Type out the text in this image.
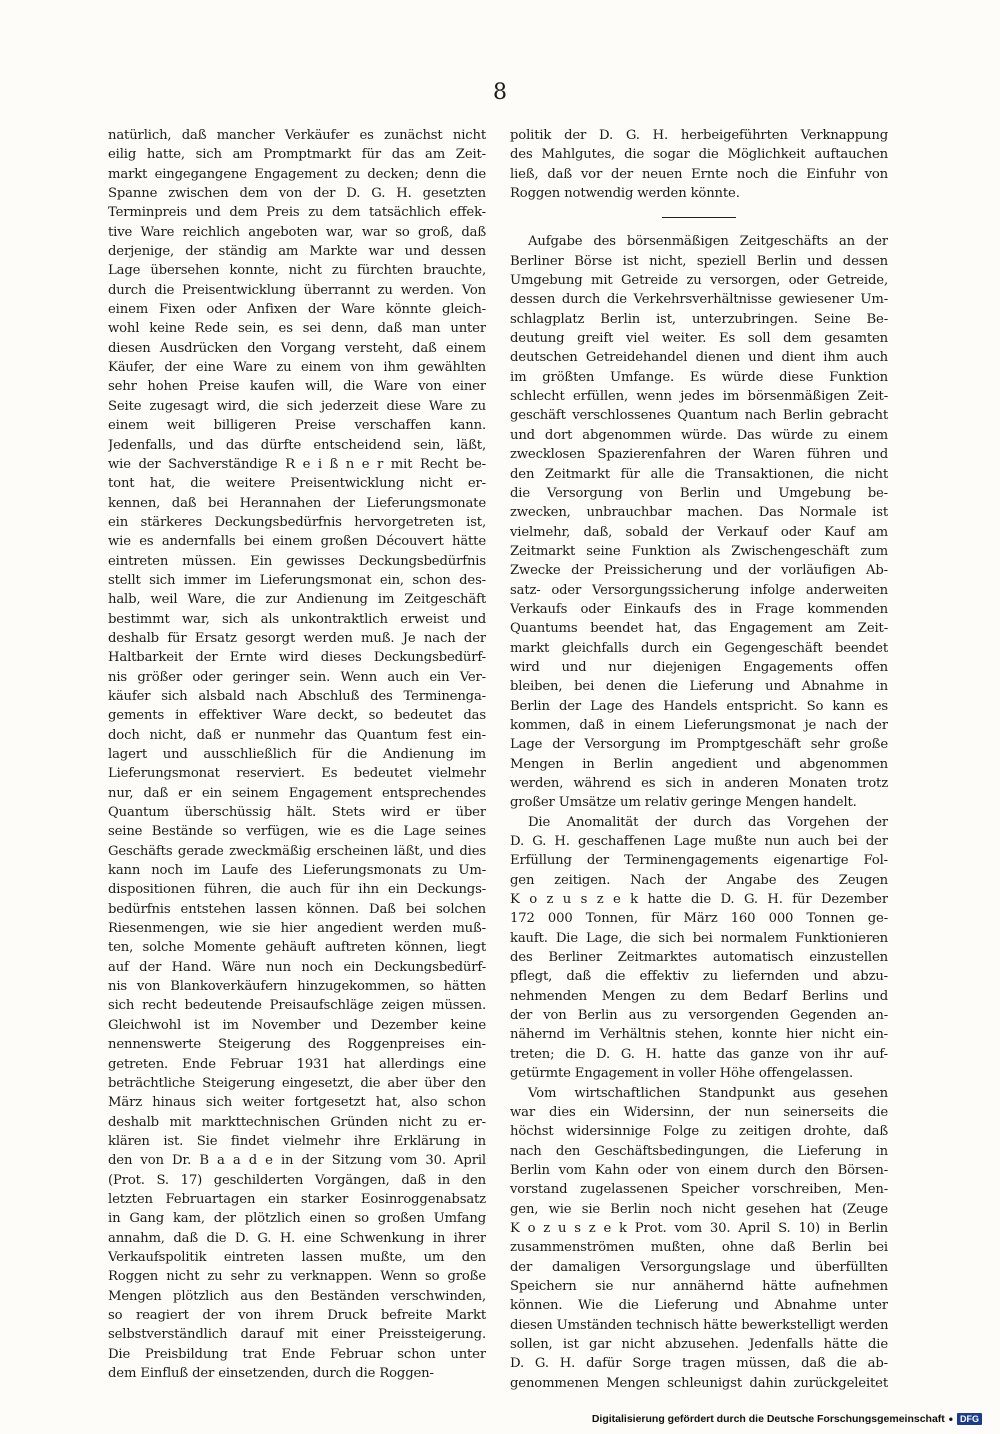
8
natürlich, daß mancher Verkäufer es zunächst nicht
eilig hatte, sich am Promptmarkt für das am Zeit-
markt eingegangene Engagement zu decken; denn die
Spanne zwischen dem von der D. G. H. gesetzten
Terminpreis und dem Preis zu dem tatsächlich effek-
tive Ware reichlich angeboten war, war so groß, daß
derjenige, der ständig am Markte war und dessen
Lage übersehen konnte, nicht zu fürchten brauchte,
durch die Preisentwicklung überrannt zu werden. Von
einem Fixen oder Anfixen der Ware könnte gleich-
wohl keine Rede sein, es sei denn, daß man unter
diesen Ausdrücken den Vorgang versteht, daß einem
Käufer, der eine Ware zu einem von ihm gewählten
sehr hohen Preise kaufen will, die Ware von einer
Seite zugesagt wird, die sich jederzeit diese Ware zu
einem weit billigeren Preise verschaffen kann.
Jedenfalls, und das dürfte entscheidend sein, läßt,
wie der Sachverständige R e i ß n e r mit Recht be-
tont hat, die weitere Preisentwicklung nicht er-
kennen, daß bei Herannahen der Lieferungsmonate
ein stärkeres Deckungsbedürfnis hervorgetreten ist,
wie es andernfalls bei einem großen Découvert hätte
eintreten müssen. Ein gewisses Deckungsbedürfnis
stellt sich immer im Lieferungsmonat ein, schon des-
halb, weil Ware, die zur Andienung im Zeitgeschäft
bestimmt war, sich als unkontraktlich erweist und
deshalb für Ersatz gesorgt werden muß. Je nach der
Haltbarkeit der Ernte wird dieses Deckungsbedürf-
nis größer oder geringer sein. Wenn auch ein Ver-
käufer sich alsbald nach Abschluß des Terminenga-
gements in effektiver Ware deckt, so bedeutet das
doch nicht, daß er nunmehr das Quantum fest ein-
lagert und ausschließlich für die Andienung im
Lieferungsmonat reserviert. Es bedeutet vielmehr
nur, daß er ein seinem Engagement entsprechendes
Quantum überschüssig hält. Stets wird er über
seine Bestände so verfügen, wie es die Lage seines
Geschäfts gerade zweckmäßig erscheinen läßt, und dies
kann noch im Laufe des Lieferungsmonats zu Um-
dispositionen führen, die auch für ihn ein Deckungs-
bedürfnis entstehen lassen können. Daß bei solchen
Riesenmengen, wie sie hier angedient werden muß-
ten, solche Momente gehäuft auftreten können, liegt
auf der Hand. Wäre nun noch ein Deckungsbedürf-
nis von Blankoverkäufern hinzugekommen, so hätten
sich recht bedeutende Preisaufschläge zeigen müssen.
Gleichwohl ist im November und Dezember keine
nennenswerte Steigerung des Roggenpreises ein-
getreten. Ende Februar 1931 hat allerdings eine
beträchtliche Steigerung eingesetzt, die aber über den
März hinaus sich weiter fortgesetzt hat, also schon
deshalb mit markttechnischen Gründen nicht zu er-
klären ist. Sie findet vielmehr ihre Erklärung in
den von Dr. B a a d e in der Sitzung vom 30. April
(Prot. S. 17) geschilderten Vorgängen, daß in den
letzten Februartagen ein starker Eosinroggenabsatz
in Gang kam, der plötzlich einen so großen Umfang
annahm, daß die D. G. H. eine Schwenkung in ihrer
Verkaufspolitik eintreten lassen mußte, um den
Roggen nicht zu sehr zu verknappen. Wenn so große
Mengen plötzlich aus den Beständen verschwinden,
so reagiert der von ihrem Druck befreite Markt
selbstverständlich darauf mit einer Preissteigerung.
Die Preisbildung trat Ende Februar schon unter
dem Einfluß der einsetzenden, durch die Roggen-
politik der D. G. H. herbeigeführten Verknappung
des Mahlgutes, die sogar die Möglichkeit auftauchen
ließ, daß vor der neuen Ernte noch die Einfuhr von
Roggen notwendig werden könnte.
Aufgabe des börsenmäßigen Zeitgeschäfts an der
Berliner Börse ist nicht, speziell Berlin und dessen
Umgebung mit Getreide zu versorgen, oder Getreide,
dessen durch die Verkehrsverhältnisse gewiesener Um-
schlagplatz Berlin ist, unterzubringen. Seine Be-
deutung greift viel weiter. Es soll dem gesamten
deutschen Getreidehandel dienen und dient ihm auch
im größten Umfange. Es würde diese Funktion
schlecht erfüllen, wenn jedes im börsenmäßigen Zeit-
geschäft verschlossenes Quantum nach Berlin gebracht
und dort abgenommen würde. Das würde zu einem
zwecklosen Spazierenfahren der Waren führen und
den Zeitmarkt für alle die Transaktionen, die nicht
die Versorgung von Berlin und Umgebung be-
zwecken, unbrauchbar machen. Das Normale ist
vielmehr, daß, sobald der Verkauf oder Kauf am
Zeitmarkt seine Funktion als Zwischengeschäft zum
Zwecke der Preissicherung und der vorläufigen Ab-
satz- oder Versorgungssicherung infolge anderweiten
Verkaufs oder Einkaufs des in Frage kommenden
Quantums beendet hat, das Engagement am Zeit-
markt gleichfalls durch ein Gegengeschäft beendet
wird und nur diejenigen Engagements offen
bleiben, bei denen die Lieferung und Abnahme in
Berlin der Lage des Handels entspricht. So kann es
kommen, daß in einem Lieferungsmonat je nach der
Lage der Versorgung im Promptgeschäft sehr große
Mengen in Berlin angedient und abgenommen
werden, während es sich in anderen Monaten trotz
großer Umsätze um relativ geringe Mengen handelt.
Die Anomalität der durch das Vorgehen der
D. G. H. geschaffenen Lage mußte nun auch bei der
Erfüllung der Terminengagements eigenartige Fol-
gen zeitigen. Nach der Angabe des Zeugen
K o z u s z e k hatte die D. G. H. für Dezember
172 000 Tonnen, für März 160 000 Tonnen ge-
kauft. Die Lage, die sich bei normalem Funktionieren
des Berliner Zeitmarktes automatisch einzustellen
pflegt, daß die effektiv zu liefernden und abzu-
nehmenden Mengen zu dem Bedarf Berlins und
der von Berlin aus zu versorgenden Gegenden an-
nähernd im Verhältnis stehen, konnte hier nicht ein-
treten; die D. G. H. hatte das ganze von ihr auf-
getürmte Engagement in voller Höhe offengelassen.
Vom wirtschaftlichen Standpunkt aus gesehen
war dies ein Widersinn, der nun seinerseits die
höchst widersinnige Folge zu zeitigen drohte, daß
nach den Geschäftsbedingungen, die Lieferung in
Berlin vom Kahn oder von einem durch den Börsen-
vorstand zugelassenen Speicher vorschreiben, Men-
gen, wie sie Berlin noch nicht gesehen hat (Zeuge
K o z u s z e k Prot. vom 30. April S. 10) in Berlin
zusammenströmen mußten, ohne daß Berlin bei
der damaligen Versorgungslage und überfüllten
Speichern sie nur annähernd hätte aufnehmen
können. Wie die Lieferung und Abnahme unter
diesen Umständen technisch hätte bewerkstelligt werden
sollen, ist gar nicht abzusehen. Jedenfalls hätte die
D. G. H. dafür Sorge tragen müssen, daß die ab-
genommenen Mengen schleunigst dahin zurückgeleitet
Digitalisierung gefördert durch die Deutsche Forschungsgemeinschaft • DFG
